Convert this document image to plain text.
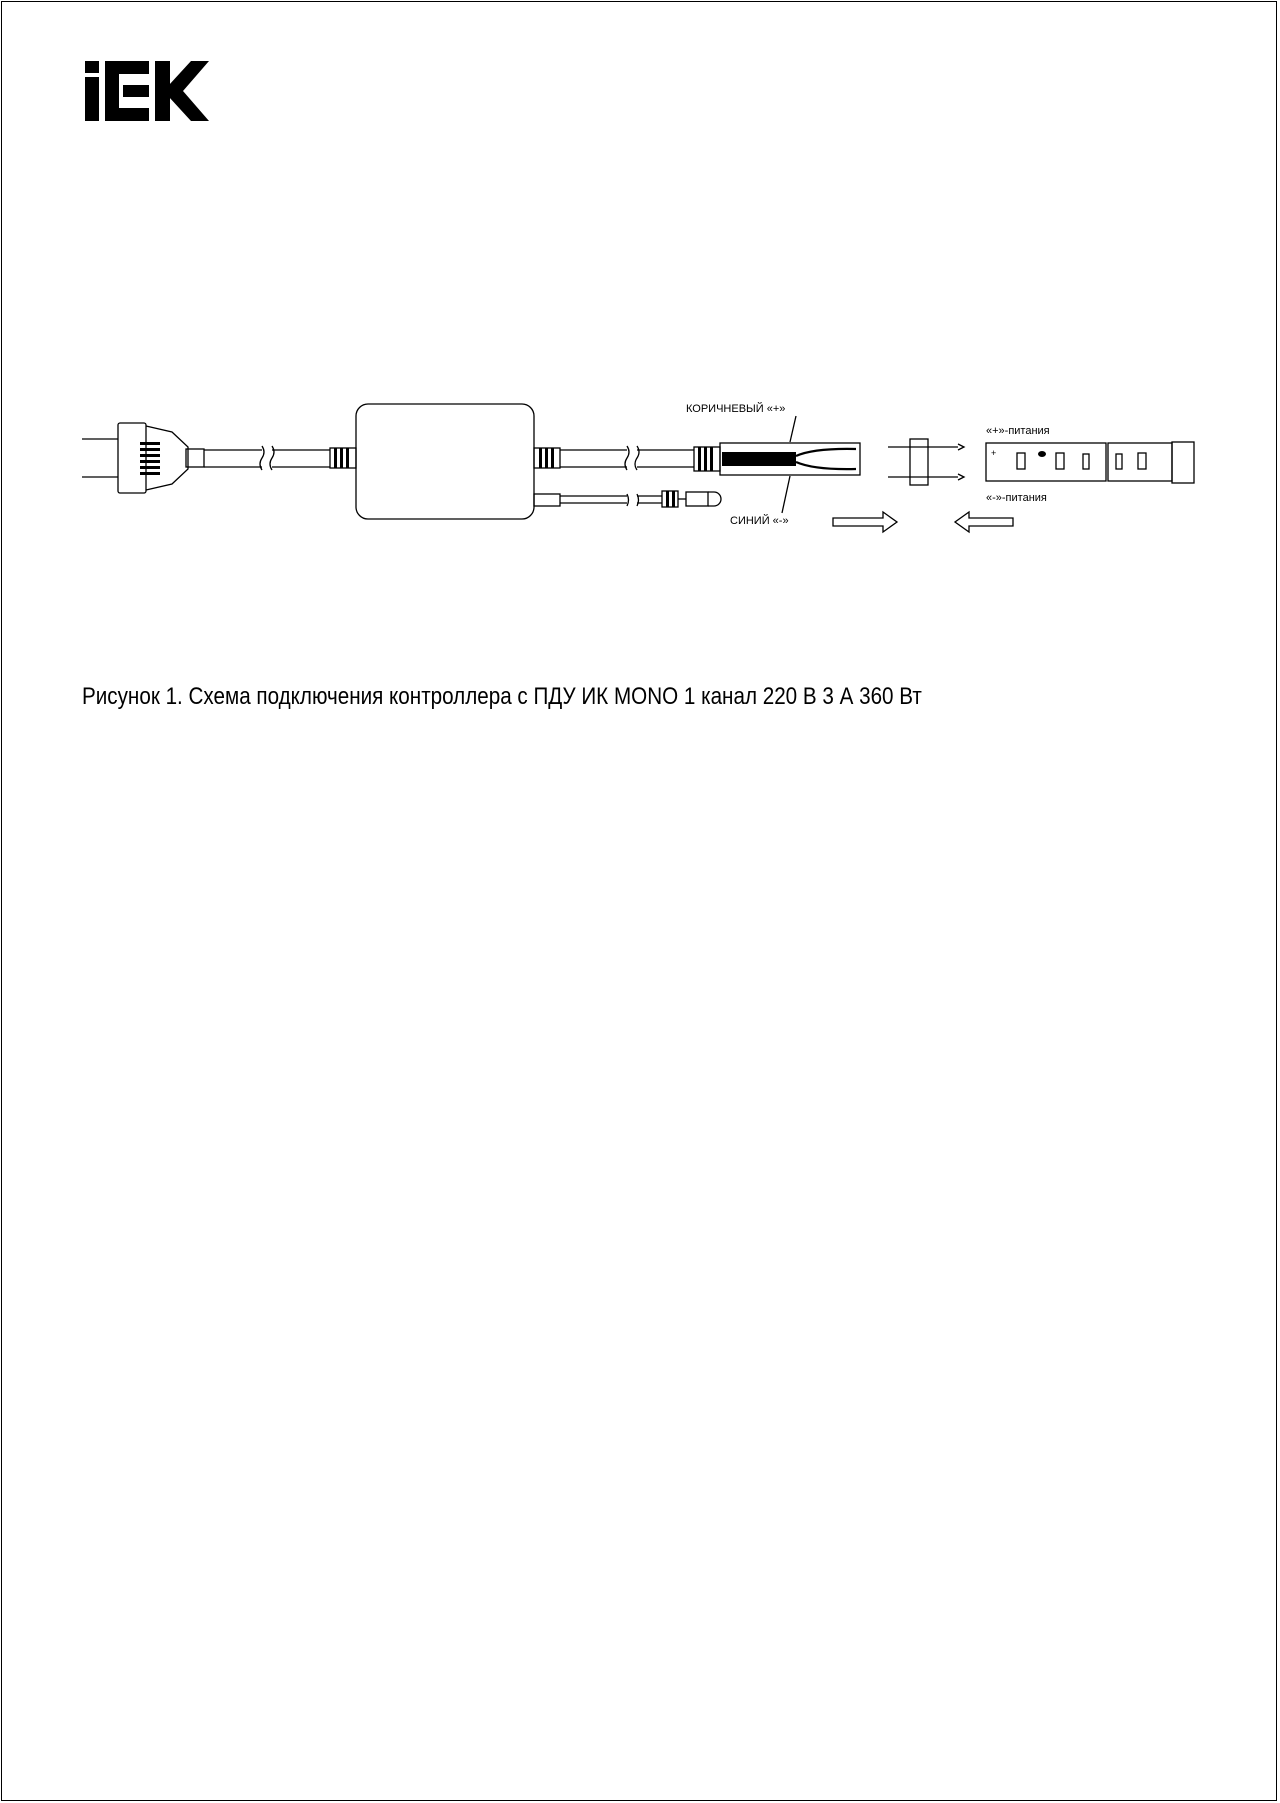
КОРИЧНЕВЫЙ «+»
СИНИЙ «-»
«+»-питания
«-»-питания
+
Рисунок 1. Схема подключения контроллера с ПДУ ИК MONO 1 канал 220 В 3 А 360 Вт
